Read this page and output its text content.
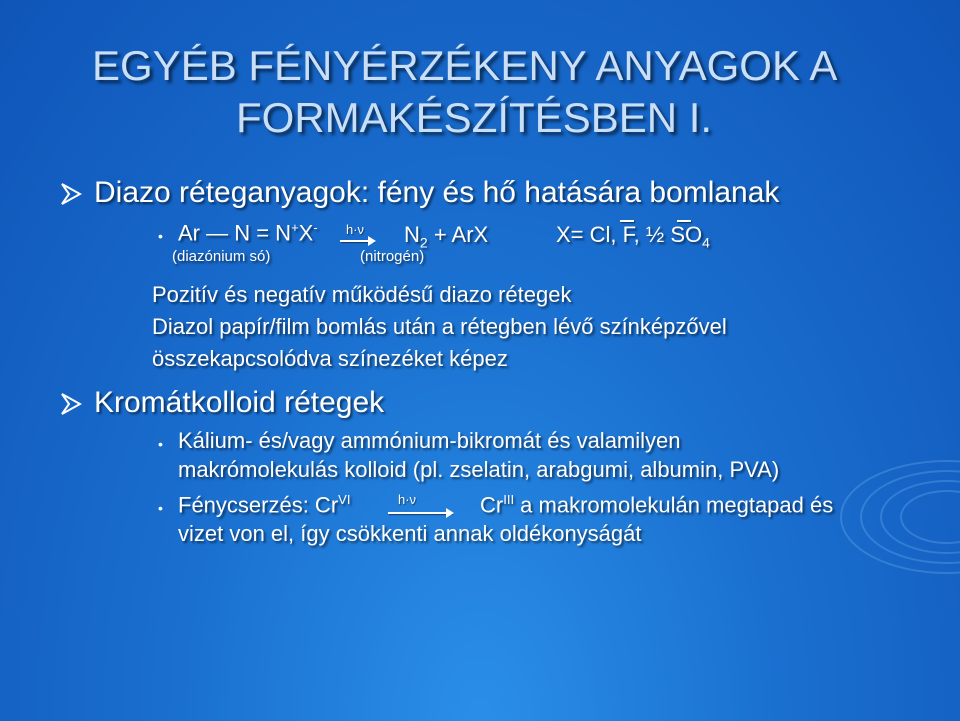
EGYÉB FÉNYÉRZÉKENY ANYAGOK A
FORMAKÉSZÍTÉSBEN I.
Diazo réteganyagok: fény és hő hatására bomlanak
• Ar — N = N+X- h·ν $N_2$ + ArX	X= Cl, F, ½ $SO_4$
(diazónium só)	(nitrogén)
Pozitív és negatív működésű diazo rétegek
Diazol papír/film bomlás után a rétegben lévő színképzővel
összekapcsolódva színezéket képez
Kromátkolloid rétegek
• Kálium- és/vagy ammónium-bikromát és valamilyen
makrómolekulás kolloid (pl. zselatin, arabgumi, albumin, PVA)
• Fénycserzés: $Cr^{VI}$	h·ν	$Cr^{III}$ a makromolekulán megtapad és
vizet von el, így csökkenti annak oldékonyságát
